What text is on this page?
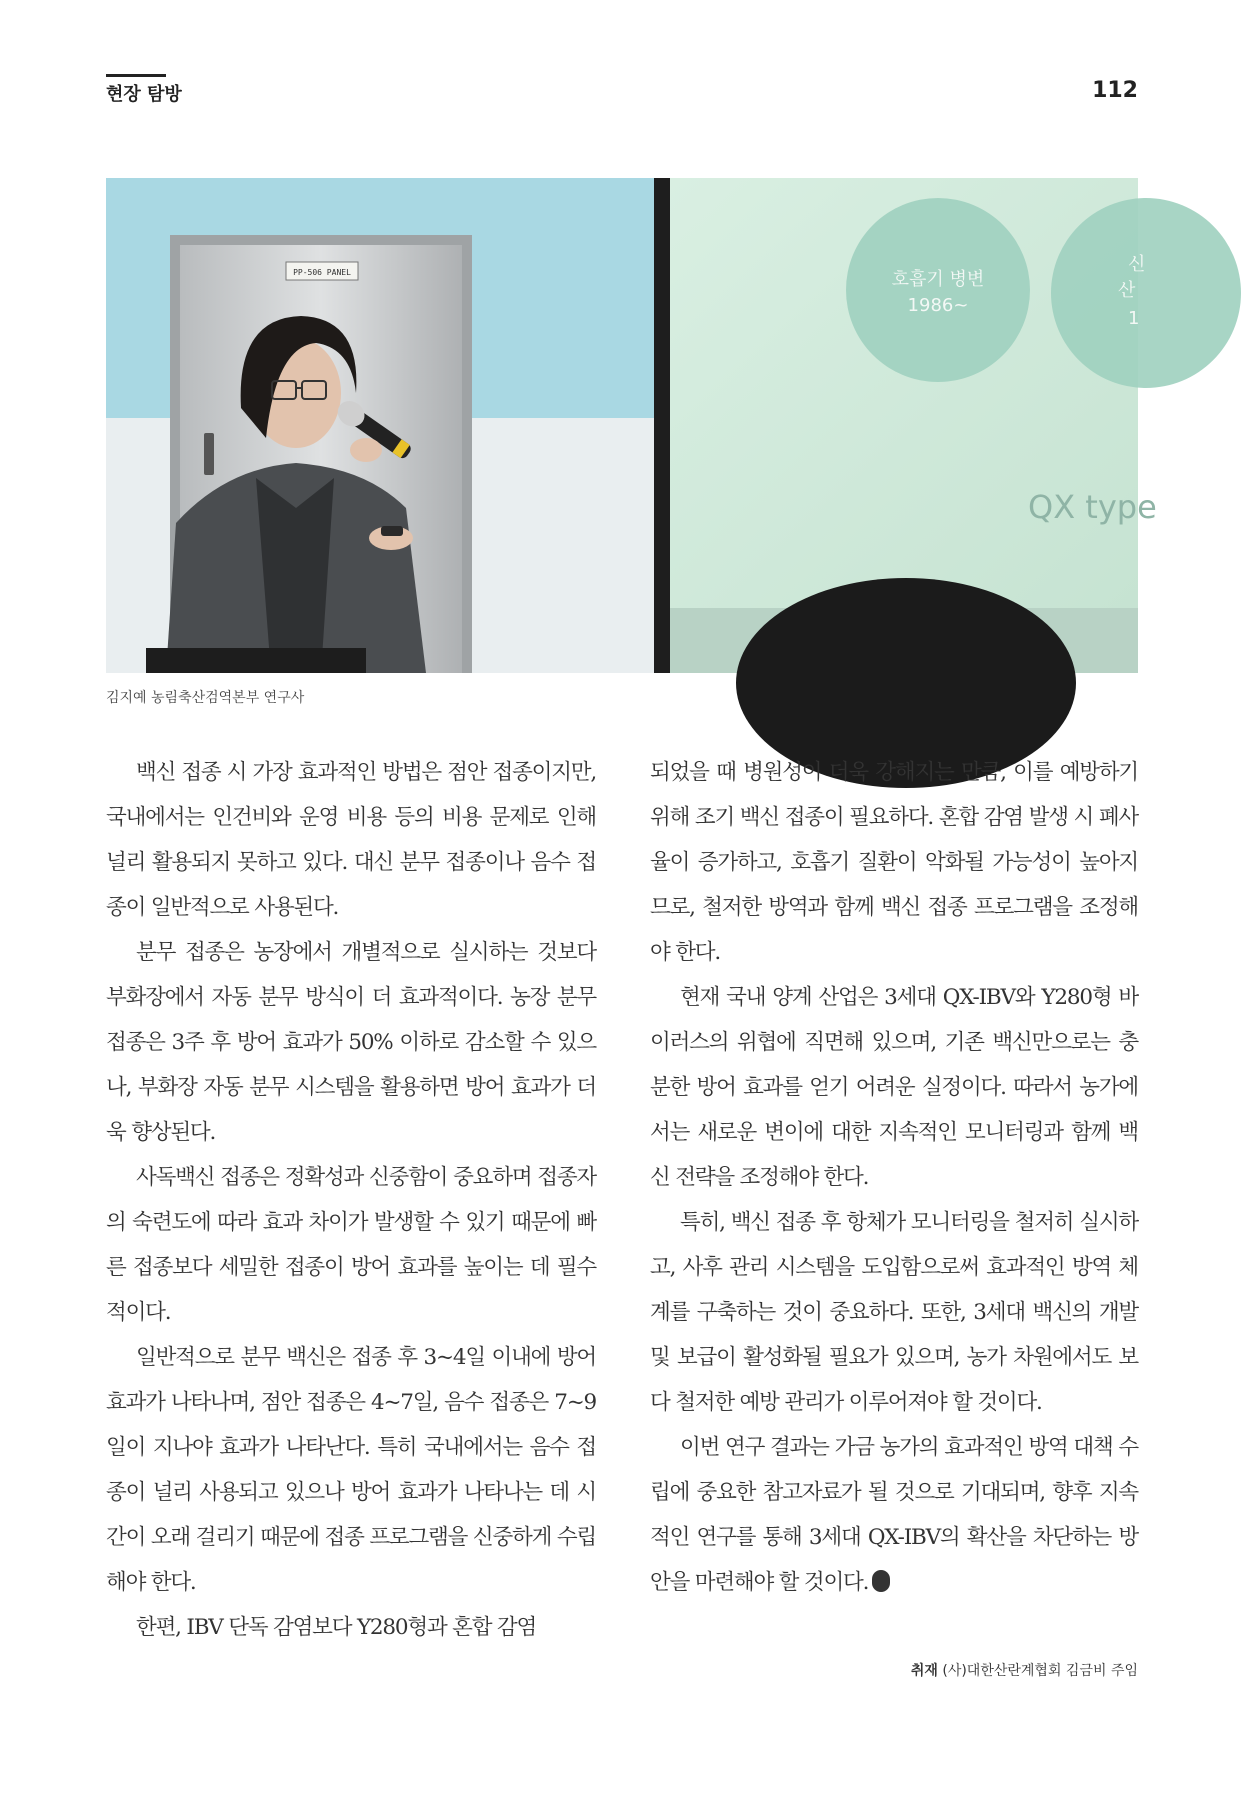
현장 탐방	112
PP-506 PANEL	호흡기 병변
1986~
신
산
1
QX type
김지예 농림축산검역본부 연구사

백신 접종 시 가장 효과적인 방법은 점안 접종이지만, 국내에서는 인건비와 운영 비용 등의 비용 문제로 인해 널리 활용되지 못하고 있다. 대신 분무 접종이나 음수 접종이 일반적으로 사용된다.

분무 접종은 농장에서 개별적으로 실시하는 것보다 부화장에서 자동 분무 방식이 더 효과적이다. 농장 분무 접종은 3주 후 방어 효과가 50% 이하로 감소할 수 있으나, 부화장 자동 분무 시스템을 활용하면 방어 효과가 더욱 향상된다.

사독백신 접종은 정확성과 신중함이 중요하며 접종자의 숙련도에 따라 효과 차이가 발생할 수 있기 때문에 빠른 접종보다 세밀한 접종이 방어 효과를 높이는 데 필수적이다.

일반적으로 분무 백신은 접종 후 3~4일 이내에 방어 효과가 나타나며, 점안 접종은 4~7일, 음수 접종은 7~9일이 지나야 효과가 나타난다. 특히 국내에서는 음수 접종이 널리 사용되고 있으나 방어 효과가 나타나는 데 시간이 오래 걸리기 때문에 접종 프로그램을 신중하게 수립해야 한다.

한편, IBV 단독 감염보다 Y280형과 혼합 감염

되었을 때 병원성이 더욱 강해지는 만큼, 이를 예방하기 위해 조기 백신 접종이 필요하다. 혼합 감염 발생 시 폐사율이 증가하고, 호흡기 질환이 악화될 가능성이 높아지므로, 철저한 방역과 함께 백신 접종 프로그램을 조정해야 한다.

현재 국내 양계 산업은 3세대 QX-IBV와 Y280형 바이러스의 위협에 직면해 있으며, 기존 백신만으로는 충분한 방어 효과를 얻기 어려운 실정이다. 따라서 농가에서는 새로운 변이에 대한 지속적인 모니터링과 함께 백신 전략을 조정해야 한다.

특히, 백신 접종 후 항체가 모니터링을 철저히 실시하고, 사후 관리 시스템을 도입함으로써 효과적인 방역 체계를 구축하는 것이 중요하다. 또한, 3세대 백신의 개발 및 보급이 활성화될 필요가 있으며, 농가 차원에서도 보다 철저한 예방 관리가 이루어져야 할 것이다.

이번 연구 결과는 가금 농가의 효과적인 방역 대책 수립에 중요한 참고자료가 될 것으로 기대되며, 향후 지속적인 연구를 통해 3세대 QX-IBV의 확산을 차단하는 방안을 마련해야 할 것이다.

취재 (사)대한산란계협회 김금비 주임
